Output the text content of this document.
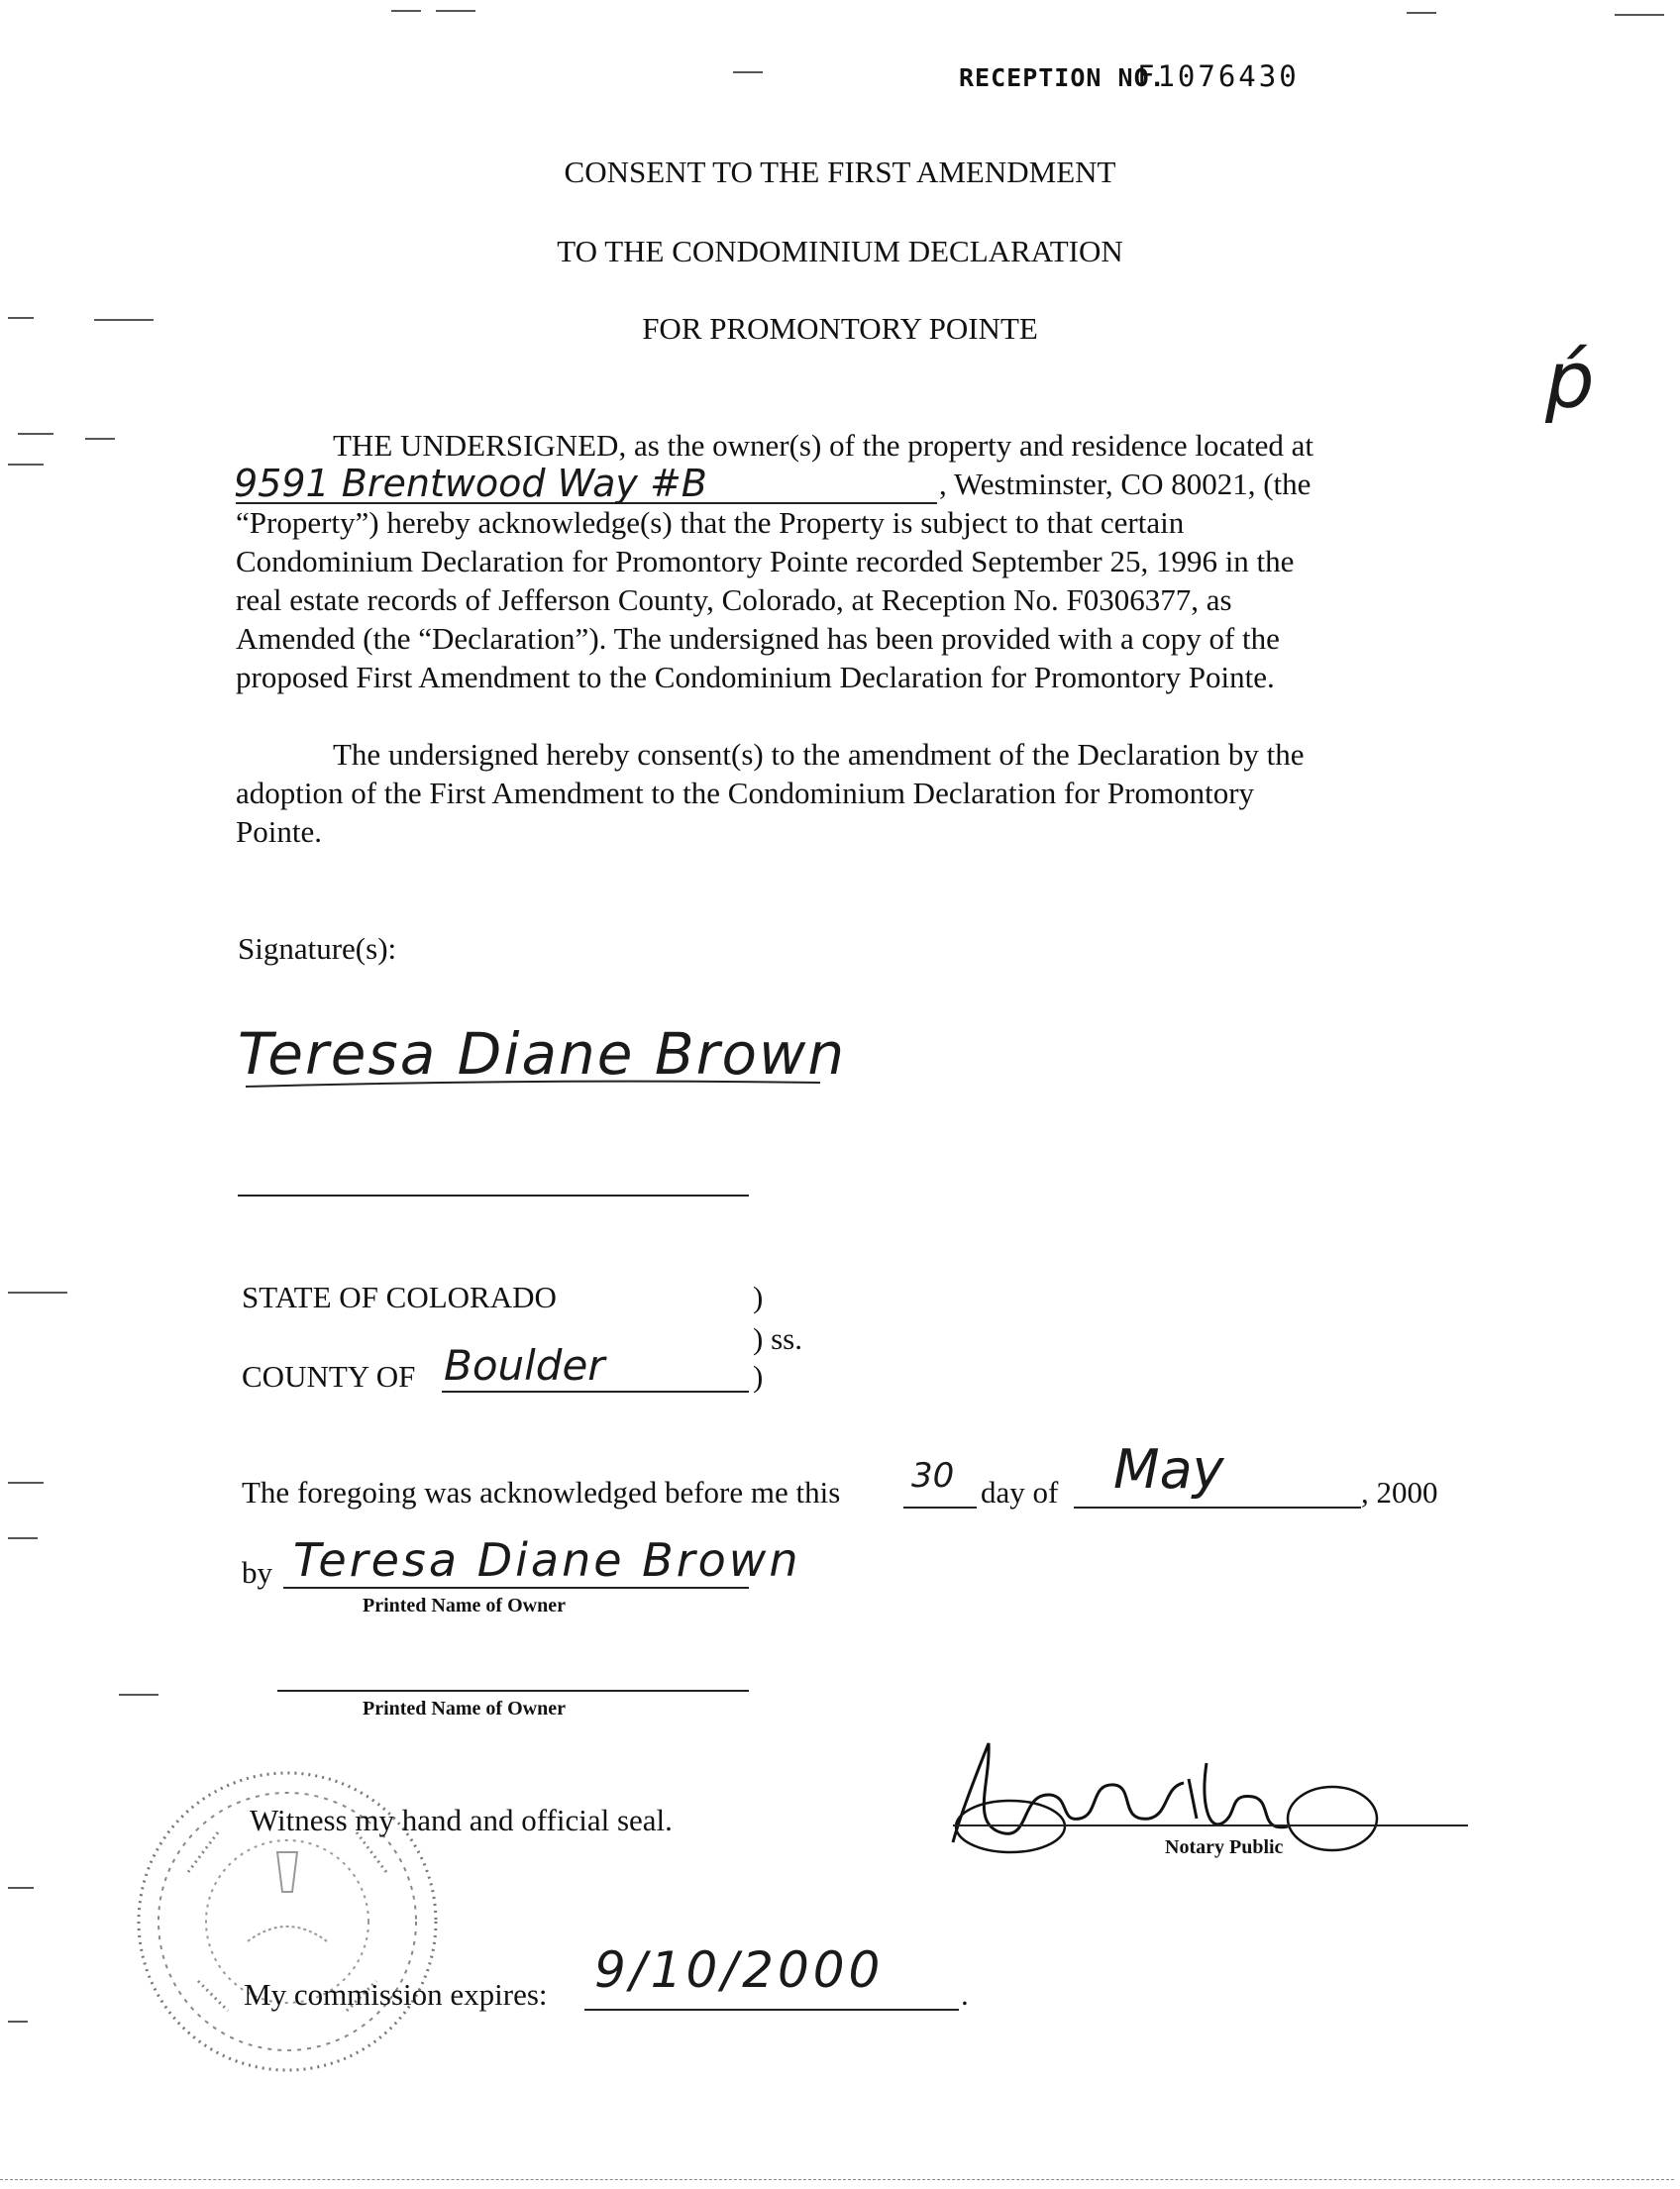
RECEPTION NO.
F1076430
CONSENT TO THE FIRST AMENDMENT
TO THE CONDOMINIUM DECLARATION
FOR PROMONTORY POINTE
ṕ
THE UNDERSIGNED, as the owner(s) of the property and residence located at
9591 Brentwood Way #B	, Westminster, CO 80021, (the
“Property”) hereby acknowledge(s) that the Property is subject to that certain
Condominium Declaration for Promontory Pointe recorded September 25, 1996 in the
real estate records of Jefferson County, Colorado, at Reception No. F0306377, as
Amended (the “Declaration”). The undersigned has been provided with a copy of the
proposed First Amendment to the Condominium Declaration for Promontory Pointe.
The undersigned hereby consent(s) to the amendment of the Declaration by the
adoption of the First Amendment to the Condominium Declaration for Promontory
Pointe.
Signature(s):
Teresa Diane Brown
STATE OF COLORADO	)
) ss.
COUNTY OF Boulder	)
The foregoing was acknowledged before me this 30 day of May	, 2000
by Teresa Diane Brown
Printed Name of Owner
Printed Name of Owner
Witness my hand and official seal.
Notary Public
My commission expires: 9/10/2000	.
